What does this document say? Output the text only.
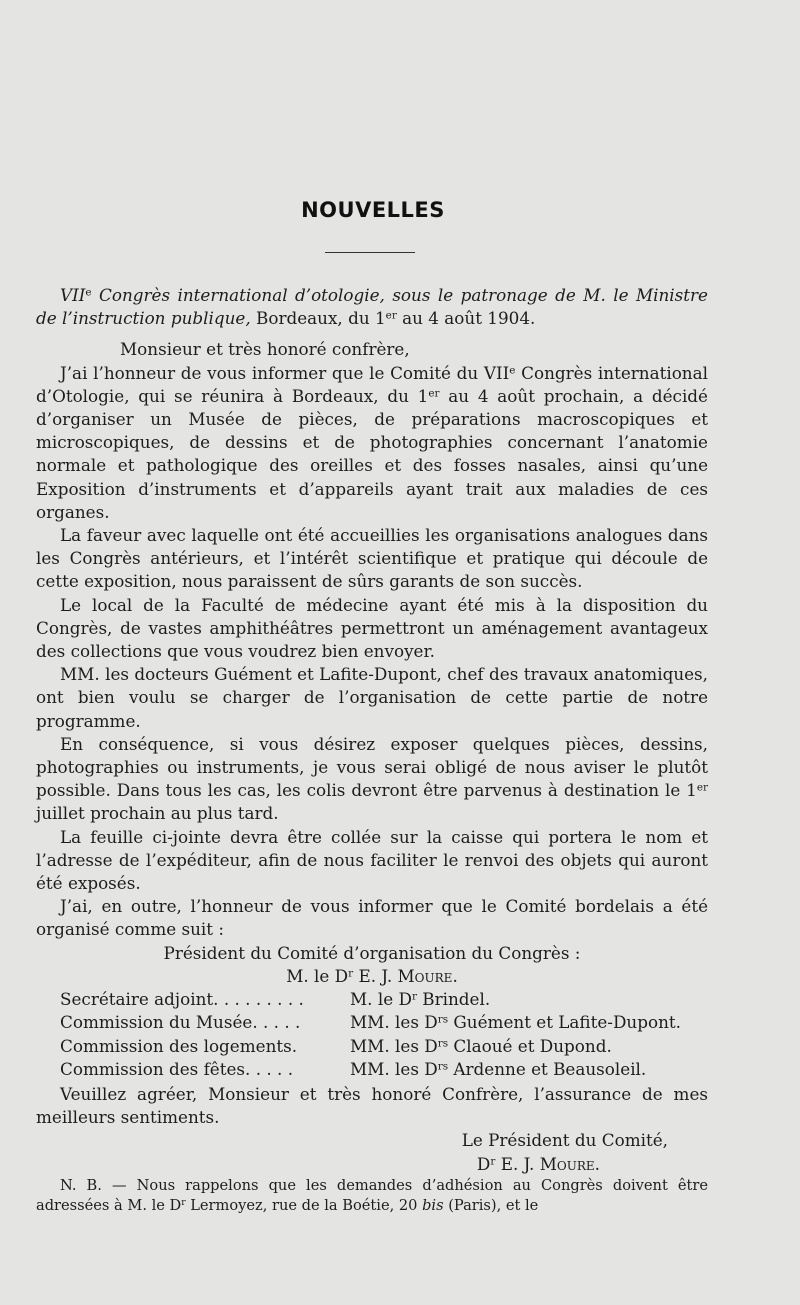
NOUVELLES

VIIe Congrès international d’otologie, sous le patronage de M. le Ministre de l’instruction publique, Bordeaux, du 1er au 4 août 1904.

Monsieur et très honoré confrère,

J’ai l’honneur de vous informer que le Comité du VIIe Congrès international d’Otologie, qui se réunira à Bordeaux, du 1er au 4 août prochain, a décidé d’organiser un Musée de pièces, de préparations macroscopiques et microscopiques, de dessins et de photographies concernant l’anatomie normale et pathologique des oreilles et des fosses nasales, ainsi qu’une Exposition d’instruments et d’appareils ayant trait aux maladies de ces organes.

La faveur avec laquelle ont été accueillies les organisations analogues dans les Congrès antérieurs, et l’intérêt scientifique et pratique qui découle de cette exposition, nous paraissent de sûrs garants de son succès.

Le local de la Faculté de médecine ayant été mis à la disposition du Congrès, de vastes amphithéâtres permettront un aménagement avantageux des collections que vous voudrez bien envoyer.

MM. les docteurs Guément et Lafite-Dupont, chef des travaux anatomiques, ont bien voulu se charger de l’organisation de cette partie de notre programme.

En conséquence, si vous désirez exposer quelques pièces, dessins, photographies ou instruments, je vous serai obligé de nous aviser le plutôt possible. Dans tous les cas, les colis devront être parvenus à destination le 1er juillet prochain au plus tard.

La feuille ci-jointe devra être collée sur la caisse qui portera le nom et l’adresse de l’expéditeur, afin de nous faciliter le renvoi des objets qui auront été exposés.

J’ai, en outre, l’honneur de vous informer que le Comité bordelais a été organisé comme suit :

Président du Comité d’organisation du Congrès :

M. le $D^r$ E. J. Moure.

Secrétaire adjoint. . . . . . . . .	M. le $D^r$ Brindel.
Commission du Musée. . . . .	MM. les $D^{rs}$ Guément et Lafite-Dupont.
Commission des logements.	MM. les $D^{rs}$ Claoué et Dupond.
Commission des fêtes. . . . .	MM. les $D^{rs}$ Ardenne et Beausoleil.

Veuillez agréer, Monsieur et très honoré Confrère, l’assurance de mes meilleurs sentiments.

Le Président du Comité,

$D^r$ E. J. Moure.

N. B. — Nous rappelons que les demandes d’adhésion au Congrès doivent être adressées à M. le $D^r$ Lermoyez, rue de la Boétie, 20 bis (Paris), et le
